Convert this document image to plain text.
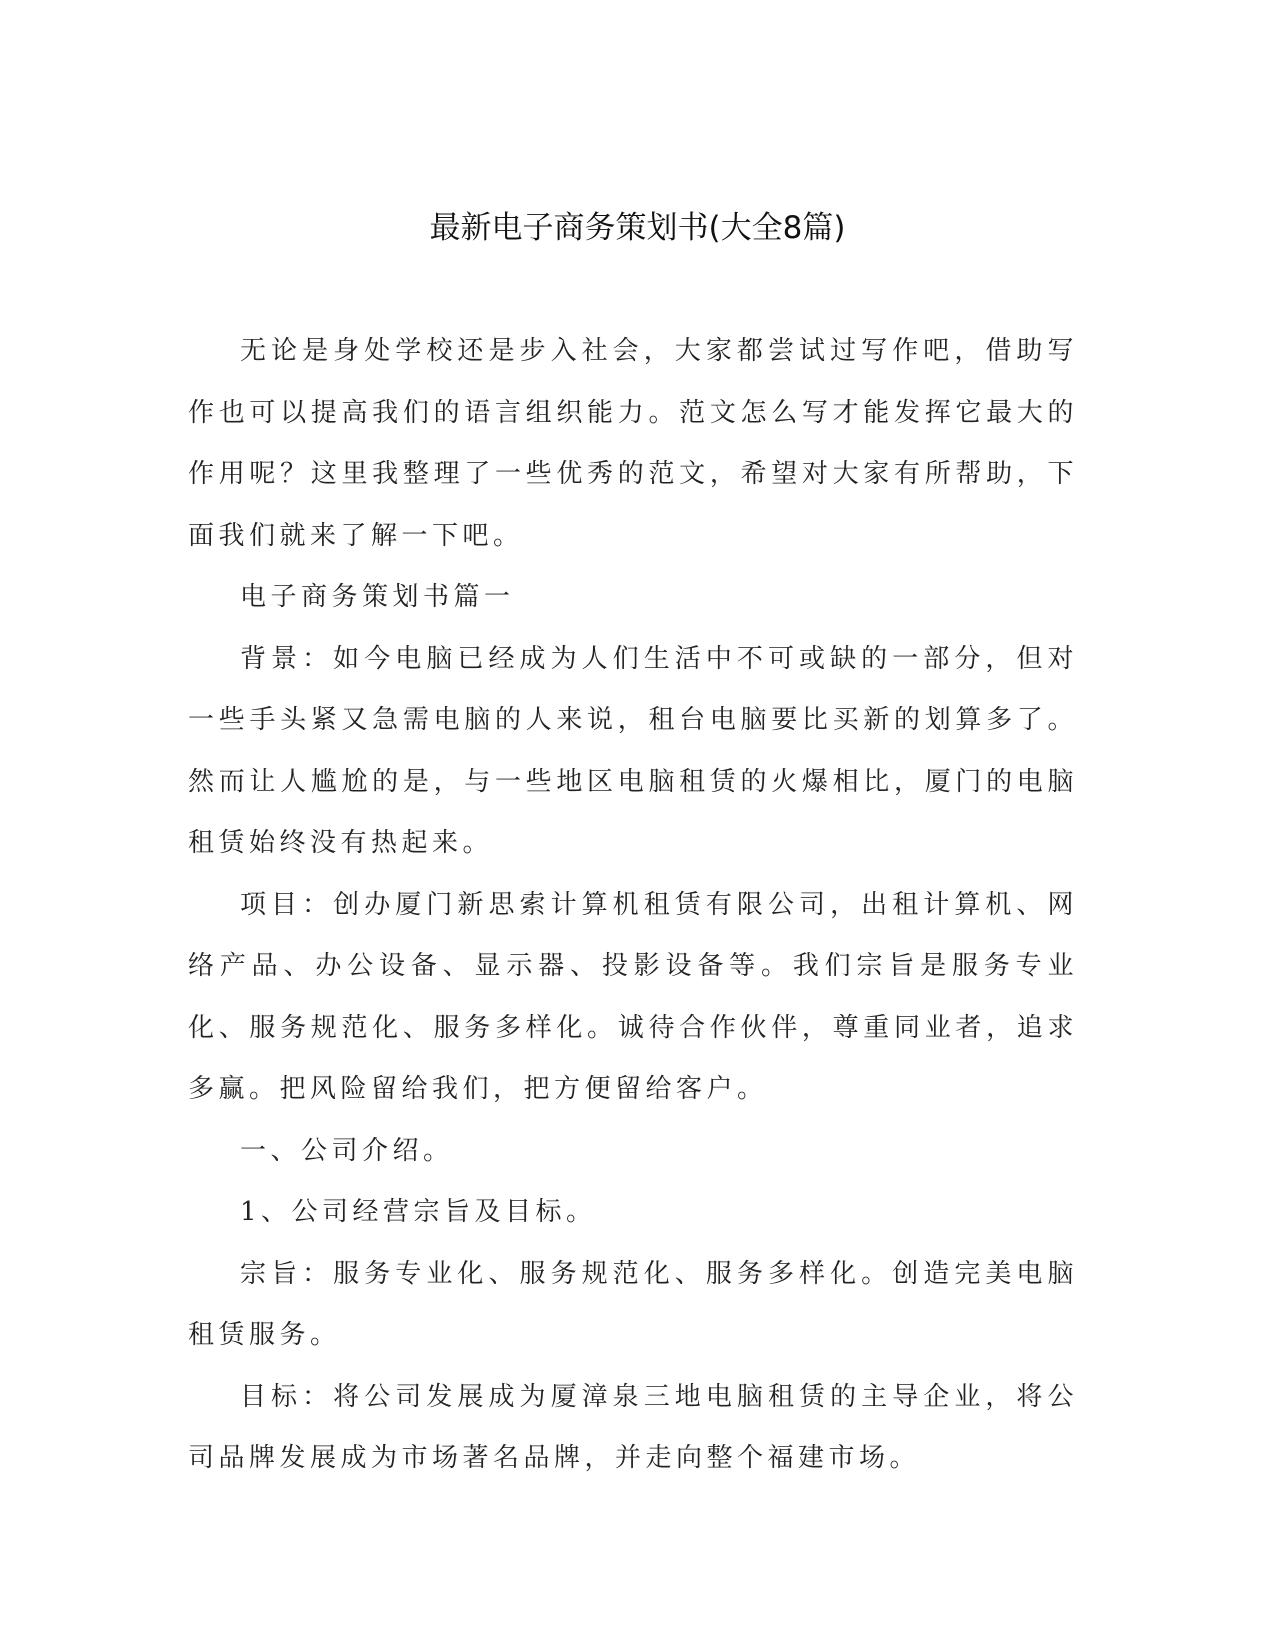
最新电子商务策划书(大全8篇)

无论是身处学校还是步入社会，大家都尝试过写作吧，借助写作也可以提高我们的语言组织能力。范文怎么写才能发挥它最大的作用呢？这里我整理了一些优秀的范文，希望对大家有所帮助，下面我们就来了解一下吧。

电子商务策划书篇一

背景：如今电脑已经成为人们生活中不可或缺的一部分，但对一些手头紧又急需电脑的人来说，租台电脑要比买新的划算多了。然而让人尴尬的是，与一些地区电脑租赁的火爆相比，厦门的电脑租赁始终没有热起来。

项目：创办厦门新思索计算机租赁有限公司，出租计算机、网络产品、办公设备、显示器、投影设备等。我们宗旨是服务专业化、服务规范化、服务多样化。诚待合作伙伴，尊重同业者，追求多赢。把风险留给我们，把方便留给客户。

一、公司介绍。

1、公司经营宗旨及目标。

宗旨：服务专业化、服务规范化、服务多样化。创造完美电脑租赁服务。

目标：将公司发展成为厦漳泉三地电脑租赁的主导企业，将公司品牌发展成为市场著名品牌，并走向整个福建市场。
